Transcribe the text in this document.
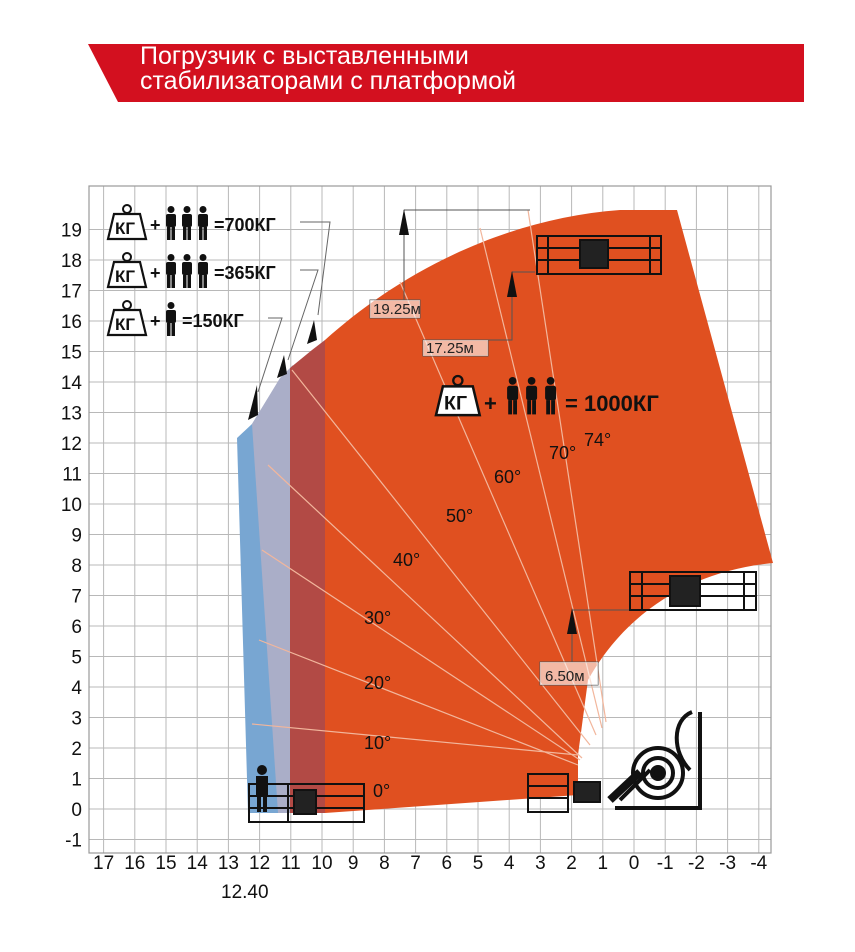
Погрузчик с выставленными
стабилизаторами с платформой
19
18
17
16
15
14
13
12
11
10
9
8
7
6
5
4
3
2
1
0
-1
17 16 15 14 13 12 11 10 9 8 7 6 5 4 3 2 1 0 -1 -2 -3 -4
0°
10°
20°
30°
40°
50°
60°
70°
74°
19.25м
17.25м
6.50м
12.40
КГ +	=700КГ
КГ +	=365КГ
КГ + =150КГ
КГ +	= 1000КГ
